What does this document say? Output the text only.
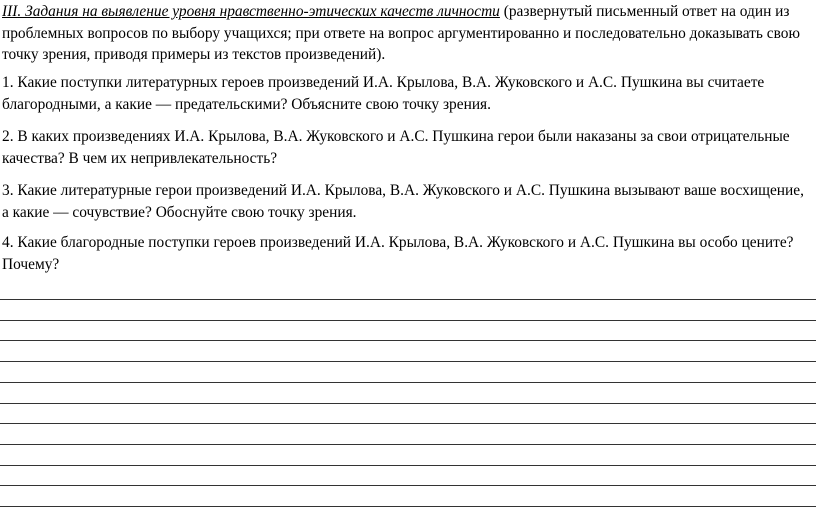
III. Задания на выявление уровня нравственно-этических качеств личности (развернутый письменный ответ на один из проблемных вопросов по выбору учащихся; при ответе на вопрос аргументированно и последовательно доказывать свою точку зрения, приводя примеры из текстов произведений).

1. Какие поступки литературных героев произведений И.А. Крылова, В.А. Жуковского и А.С. Пушкина вы считаете благородными, а какие — предательскими? Объясните свою точку зрения.

2. В каких произведениях И.А. Крылова, В.А. Жуковского и А.С. Пушкина герои были наказаны за свои отрицательные качества? В чем их непривлекательность?

3. Какие литературные герои произведений И.А. Крылова, В.А. Жуковского и А.С. Пушкина вызывают ваше восхищение, а какие — сочувствие? Обоснуйте свою точку зрения.

4. Какие благородные поступки героев произведений И.А. Крылова, В.А. Жуковского и А.С. Пушкина вы особо цените? Почему?
